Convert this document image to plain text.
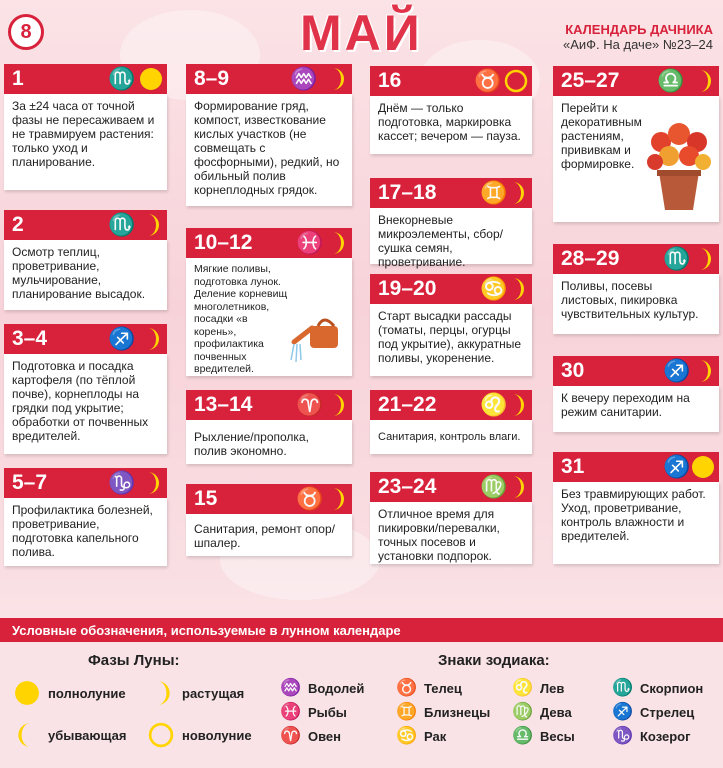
8	МАЙ	КАЛЕНДАРЬ ДАЧНИКА
«АиФ. На даче» №23–24
1	♏
За ±24 часа от точной фазы не пересаживаем и не травмируем растения: только уход и планирование.
2	♏
Осмотр теплиц, проветривание, мульчирование, планирование высадок.
3–4	♐
Подготовка и посадка картофеля (по тёплой почве), корнеплоды на грядки под укрытие; обработки от почвенных вредителей.
5–7	♑
Профилактика болезней, проветривание, подготовка капельного полива.
8–9	♒
Формирование гряд, компост, известкование кислых участков (не совмещать с фосфорными), редкий, но обильный полив корнеплодных грядок.
10–12 ♓
Мягкие поливы, подготовка лунок. Деление корневищ многолетников, посадки «в корень», профилактика почвенных вредителей.
13–14 ♈
Рыхление/прополка, полив экономно.
15	♉
Санитария, ремонт опор/шпалер.
16	♉
Днём — только подготовка, маркировка кассет; вечером — пауза.
17–18 ♊
Внекорневые микроэлементы, сбор/сушка семян, проветривание.
19–20 ♋
Старт высадки рассады (томаты, перцы, огурцы под укрытие), аккуратные поливы, укоренение.
21–22 ♌
Санитария, контроль влаги.
23–24 ♍
Отличное время для пикировки/перевалки, точных посевов и установки подпорок.
25–27 ♎
Перейти к декоративным растениям, прививкам и формировке.
28–29 ♏
Поливы, посевы листовых, пикировка чувствительных культур.
30	♐
К вечеру переходим на режим санитарии.
31	♐
Без травмирующих работ. Уход, проветривание, контроль влажности и вредителей.
Условные обозначения, используемые в лунном календаре
Фазы Луны:
полнолуние	растущая
убывающая	новолуние
Знаки зодиака:
♒ Водолей
♓ Рыбы
♈ Овен
♉ Телец
♊ Близнецы
♋ Рак
♌ Лев
♍ Дева
♎ Весы
♏ Скорпион
♐ Стрелец
♑ Козерог
